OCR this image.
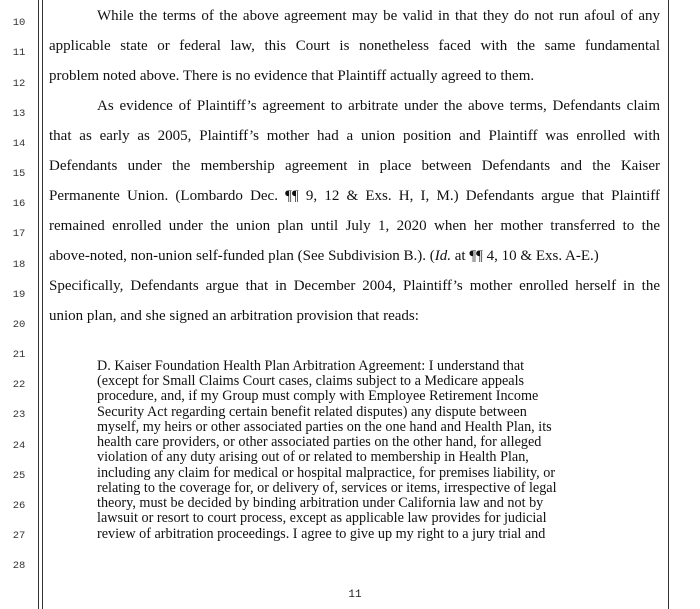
10
11
12
13
14
15
16
17
18
19
20
21
22
23
24
25
26
27
28
While the terms of the above agreement may be valid in that they do not run afoul of any
applicable state or federal law, this Court is nonetheless faced with the same fundamental
problem noted above. There is no evidence that Plaintiff actually agreed to them.
As evidence of Plaintiff’s agreement to arbitrate under the above terms, Defendants claim
that as early as 2005, Plaintiff’s mother had a union position and Plaintiff was enrolled with
Defendants under the membership agreement in place between Defendants and the Kaiser
Permanente Union. (Lombardo Dec. ¶¶ 9, 12 & Exs. H, I, M.) Defendants argue that Plaintiff
remained enrolled under the union plan until July 1, 2020 when her mother transferred to the
above-noted, non-union self-funded plan (See Subdivision B.). (Id. at ¶¶ 4, 10 & Exs. A-E.)
Specifically, Defendants argue that in December 2004, Plaintiff’s mother enrolled herself in the
union plan, and she signed an arbitration provision that reads:
D. Kaiser Foundation Health Plan Arbitration Agreement: I understand that
(except for Small Claims Court cases, claims subject to a Medicare appeals
procedure, and, if my Group must comply with Employee Retirement Income
Security Act regarding certain benefit related disputes) any dispute between
myself, my heirs or other associated parties on the one hand and Health Plan, its
health care providers, or other associated parties on the other hand, for alleged
violation of any duty arising out of or related to membership in Health Plan,
including any claim for medical or hospital malpractice, for premises liability, or
relating to the coverage for, or delivery of, services or items, irrespective of legal
theory, must be decided by binding arbitration under California law and not by
lawsuit or resort to court process, except as applicable law provides for judicial
review of arbitration proceedings. I agree to give up my right to a jury trial and
11
